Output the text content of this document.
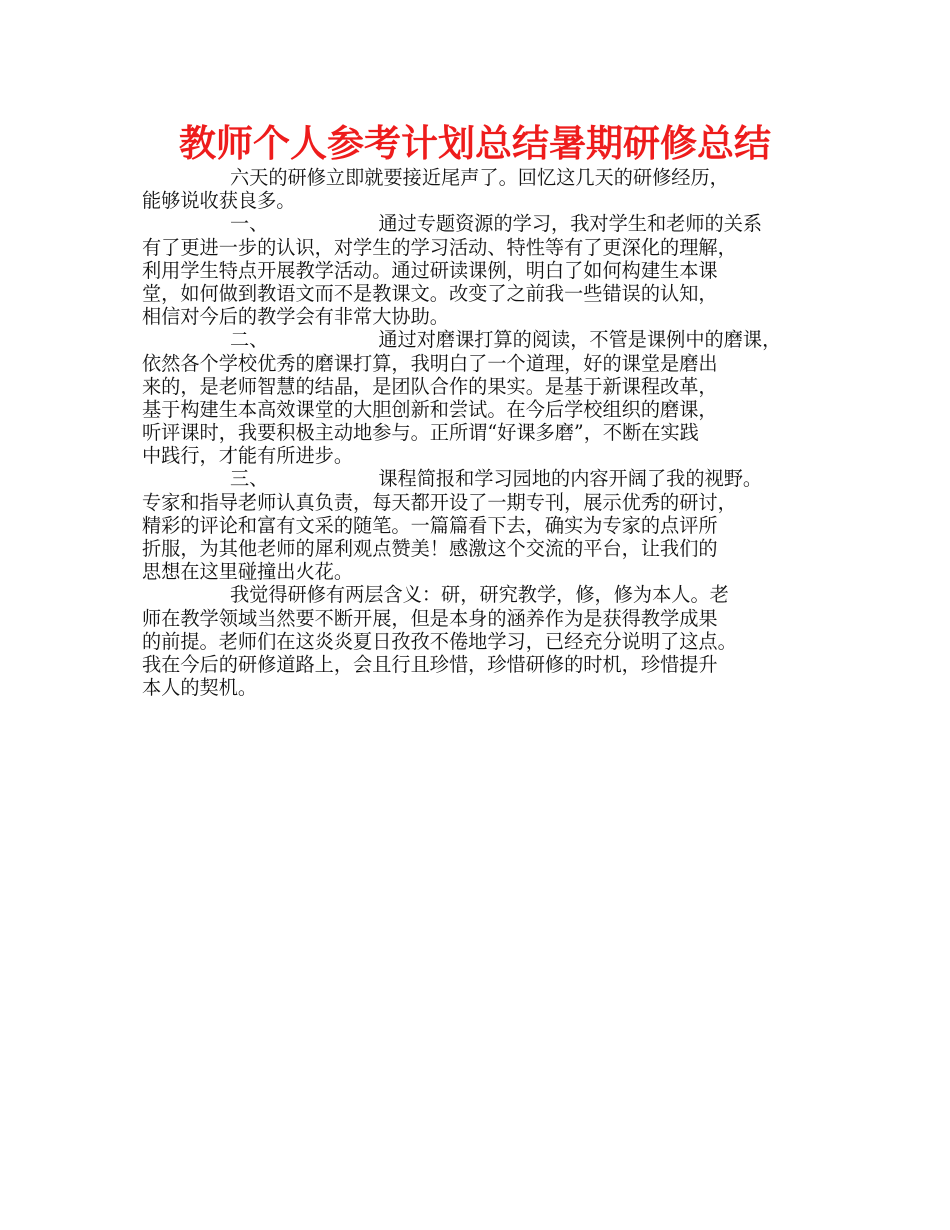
教师个人参考计划总结暑期研修总结
六天的研修立即就要接近尾声了。回忆这几天的研修经历，
能够说收获良多。
一、	通过专题资源的学习，我对学生和老师的关系
有了更进一步的认识，对学生的学习活动、特性等有了更深化的理解，
利用学生特点开展教学活动。通过研读课例，明白了如何构建生本课
堂，如何做到教语文而不是教课文。改变了之前我一些错误的认知，
相信对今后的教学会有非常大协助。
二、	通过对磨课打算的阅读，不管是课例中的磨课，
依然各个学校优秀的磨课打算，我明白了一个道理，好的课堂是磨出
来的，是老师智慧的结晶，是团队合作的果实。是基于新课程改革，
基于构建生本高效课堂的大胆创新和尝试。在今后学校组织的磨课，
听评课时，我要积极主动地参与。正所谓“好课多磨”，不断在实践
中践行，才能有所进步。
三、	课程简报和学习园地的内容开阔了我的视野。
专家和指导老师认真负责，每天都开设了一期专刊，展示优秀的研讨，
精彩的评论和富有文采的随笔。一篇篇看下去，确实为专家的点评所
折服，为其他老师的犀利观点赞美！感激这个交流的平台，让我们的
思想在这里碰撞出火花。
我觉得研修有两层含义：研，研究教学，修，修为本人。老
师在教学领域当然要不断开展，但是本身的涵养作为是获得教学成果
的前提。老师们在这炎炎夏日孜孜不倦地学习，已经充分说明了这点。
我在今后的研修道路上，会且行且珍惜，珍惜研修的时机，珍惜提升
本人的契机。
